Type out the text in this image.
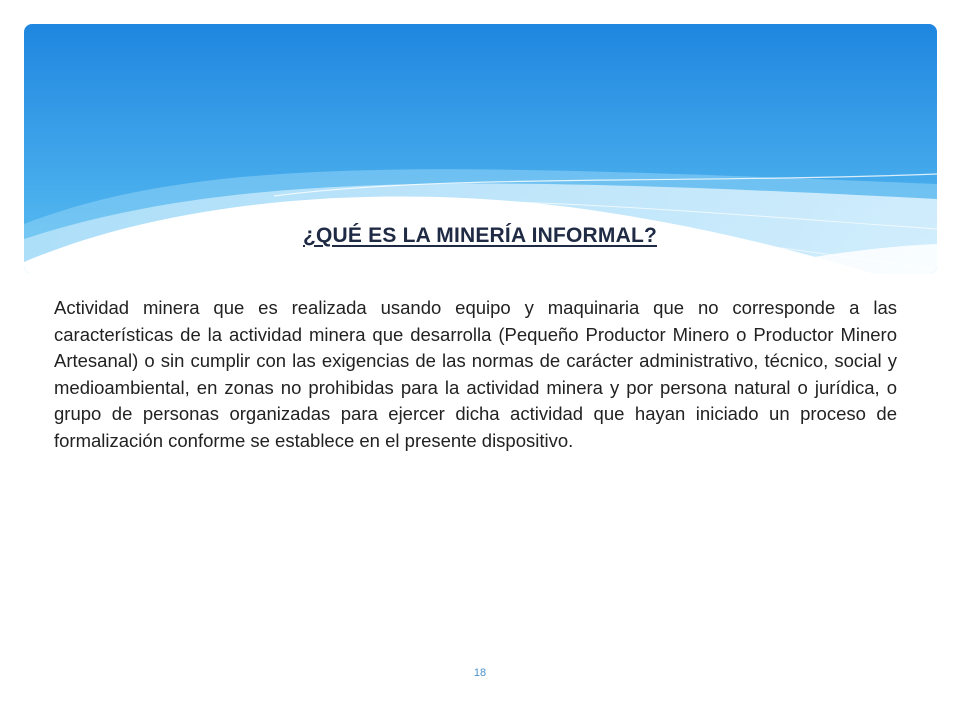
¿QUÉ ES LA MINERÍA INFORMAL?

Actividad minera que es realizada usando equipo y maquinaria que no corresponde a las características de la actividad minera que desarrolla (Pequeño Productor Minero o Productor Minero Artesanal) o sin cumplir con las exigencias de las normas de carácter administrativo, técnico, social y medioambiental, en zonas no prohibidas para la actividad minera y por persona natural o jurídica, o grupo de personas organizadas para ejercer dicha actividad que hayan iniciado un proceso de formalización conforme se establece en el presente dispositivo.

18
